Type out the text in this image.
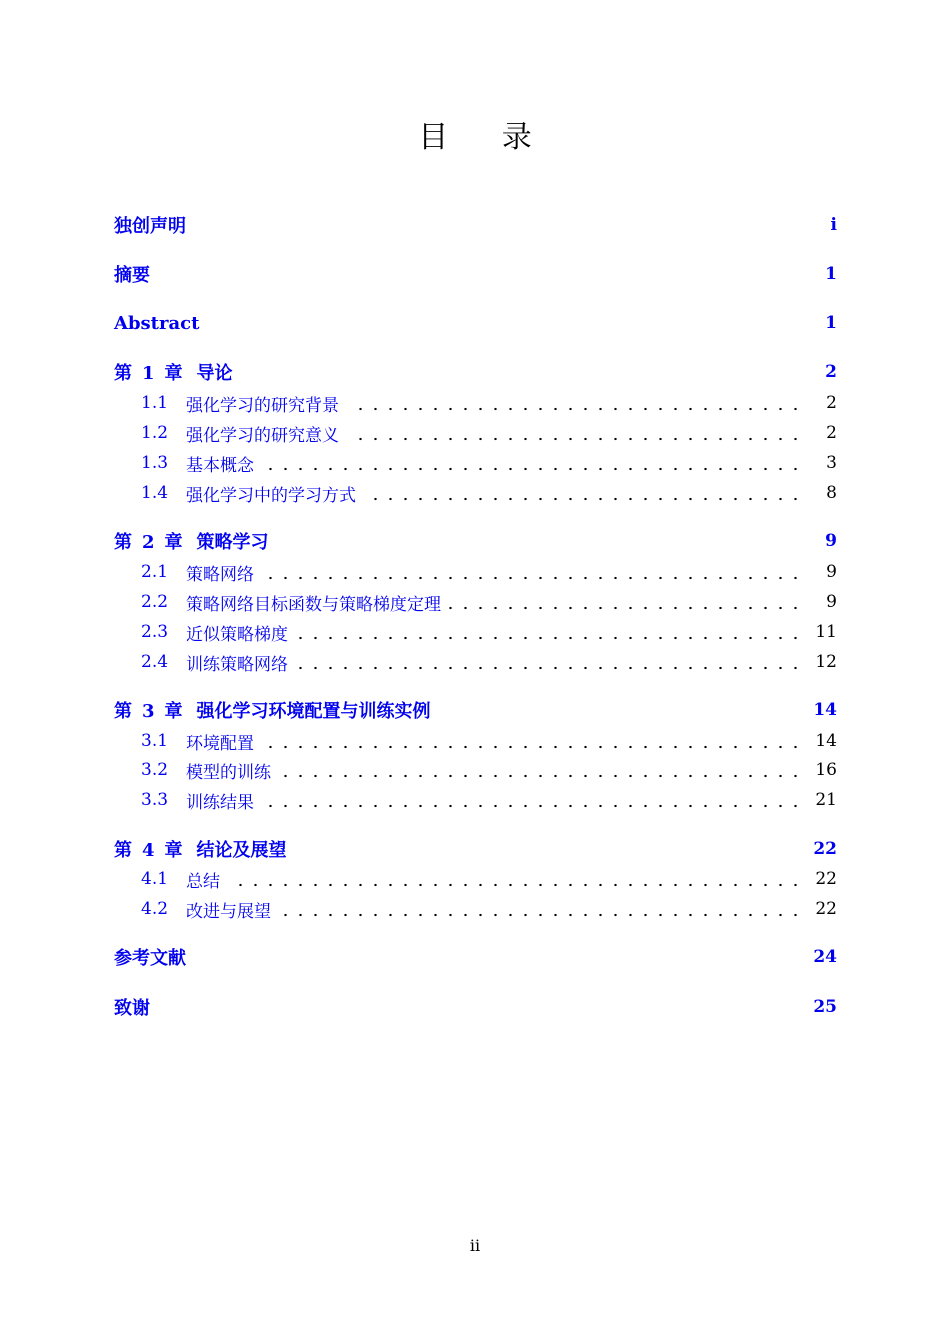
目 录
独创声明	i
摘要	1
Abstract	1
第 1 章 导论	2
1.1	强化学习的研究背景	2
1.2	强化学习的研究意义	2
1.3	基本概念	3
1.4	强化学习中的学习方式	8
第 2 章 策略学习	9
2.1	策略网络	9
2.2	策略网络目标函数与策略梯度定理	9
2.3	近似策略梯度	11
2.4	训练策略网络	12
第 3 章 强化学习环境配置与训练实例	14
3.1	环境配置	14
3.2	模型的训练	16
3.3	训练结果	21
第 4 章 结论及展望	22
4.1	总结	22
4.2	改进与展望	22
参考文献	24
致谢	25
ii
